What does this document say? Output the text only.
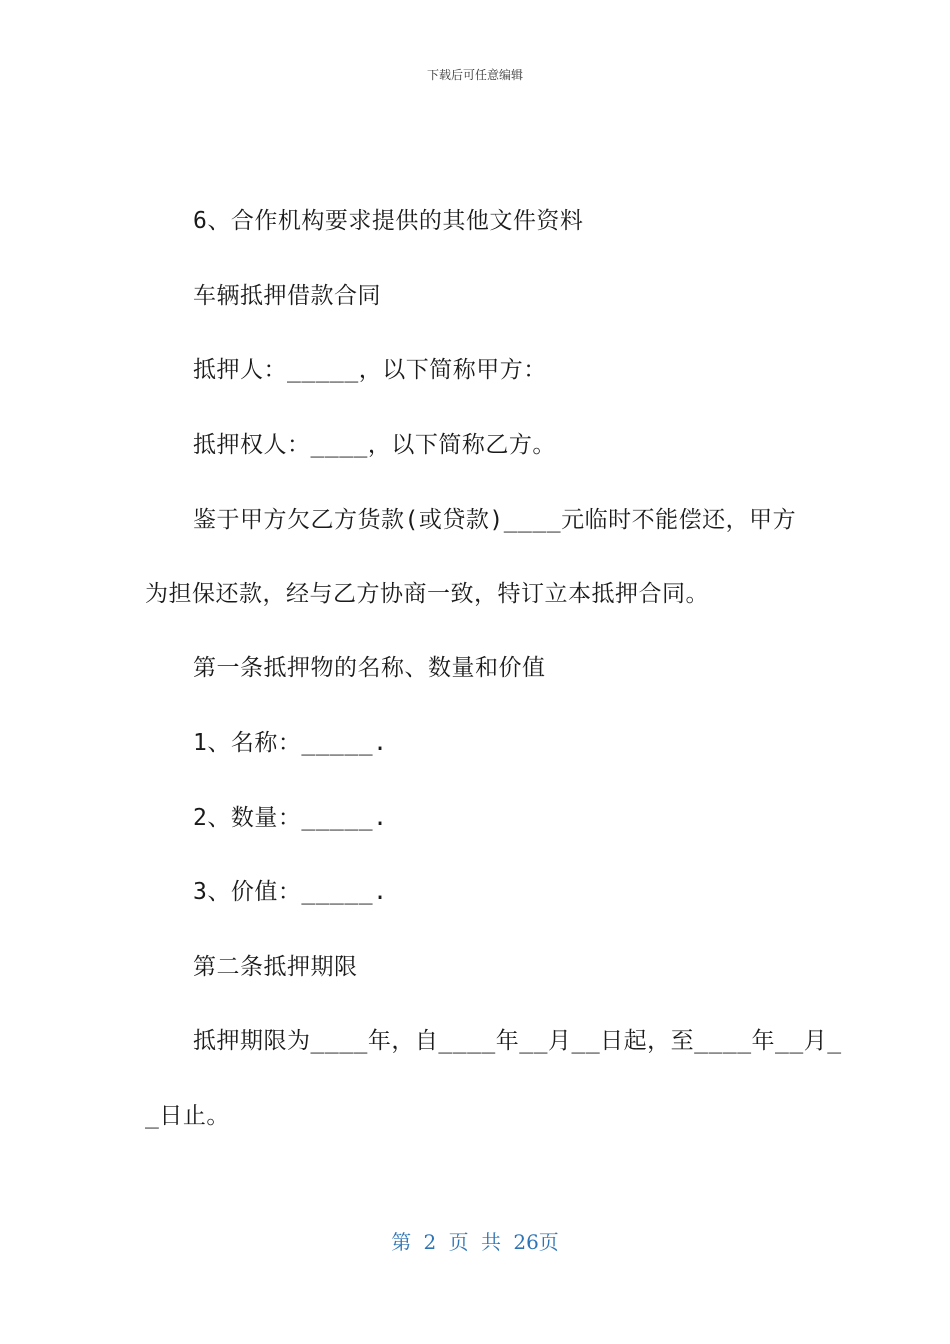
下载后可任意编辑
6、合作机构要求提供的其他文件资料
车辆抵押借款合同
抵押人：_____，以下简称甲方：
抵押权人：____，以下简称乙方。
鉴于甲方欠乙方货款(或贷款)____元临时不能偿还，甲方
为担保还款，经与乙方协商一致，特订立本抵押合同。
第一条抵押物的名称、数量和价值
1、名称：_____.
2、数量：_____.
3、价值：_____.
第二条抵押期限
抵押期限为____年，自____年__月__日起，至____年__月_
_日止。
第 2 页 共 26页
